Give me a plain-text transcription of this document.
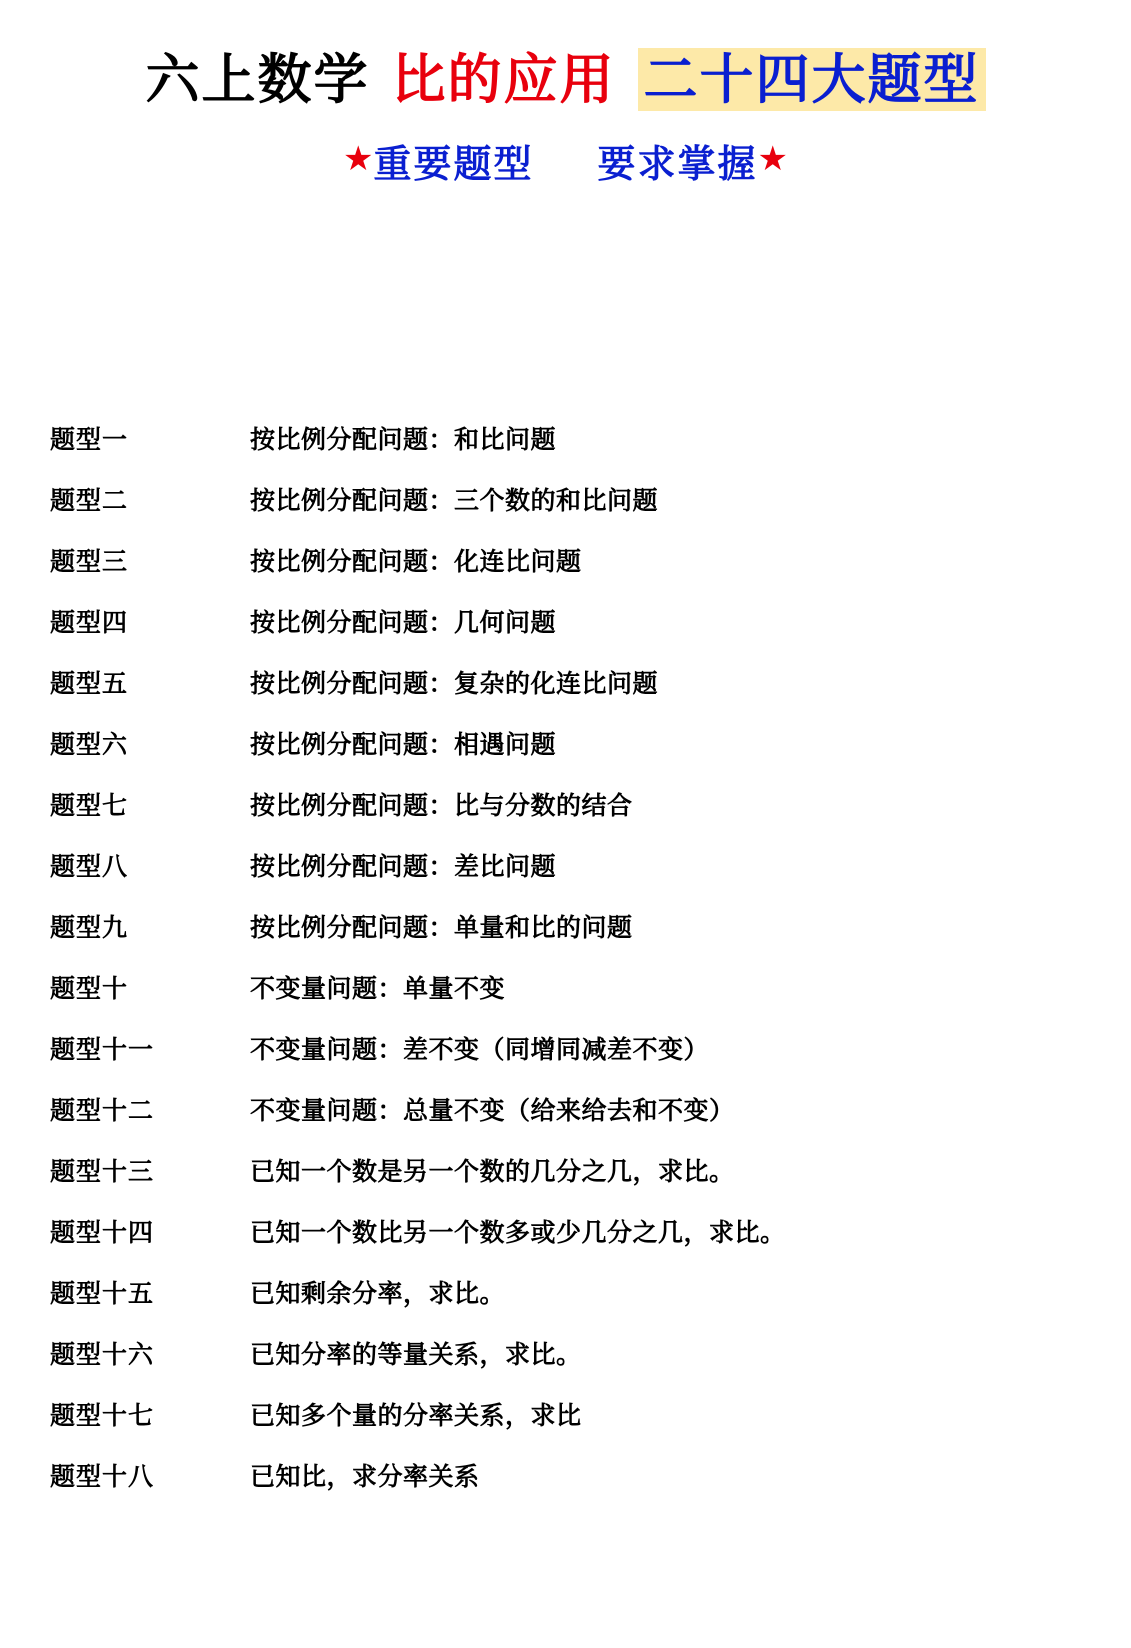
六上数学 比的应用 二十四大题型
★ 重要题型 要求掌握 ★
题型一	按比例分配问题：和比问题
题型二	按比例分配问题：三个数的和比问题
题型三	按比例分配问题：化连比问题
题型四	按比例分配问题：几何问题
题型五	按比例分配问题：复杂的化连比问题
题型六	按比例分配问题：相遇问题
题型七	按比例分配问题：比与分数的结合
题型八	按比例分配问题：差比问题
题型九	按比例分配问题：单量和比的问题
题型十	不变量问题：单量不变
题型十一	不变量问题：差不变（同增同减差不变）
题型十二	不变量问题：总量不变（给来给去和不变）
题型十三	已知一个数是另一个数的几分之几，求比。
题型十四	已知一个数比另一个数多或少几分之几，求比。
题型十五	已知剩余分率，求比。
题型十六	已知分率的等量关系，求比。
题型十七	已知多个量的分率关系，求比
题型十八	已知比，求分率关系
